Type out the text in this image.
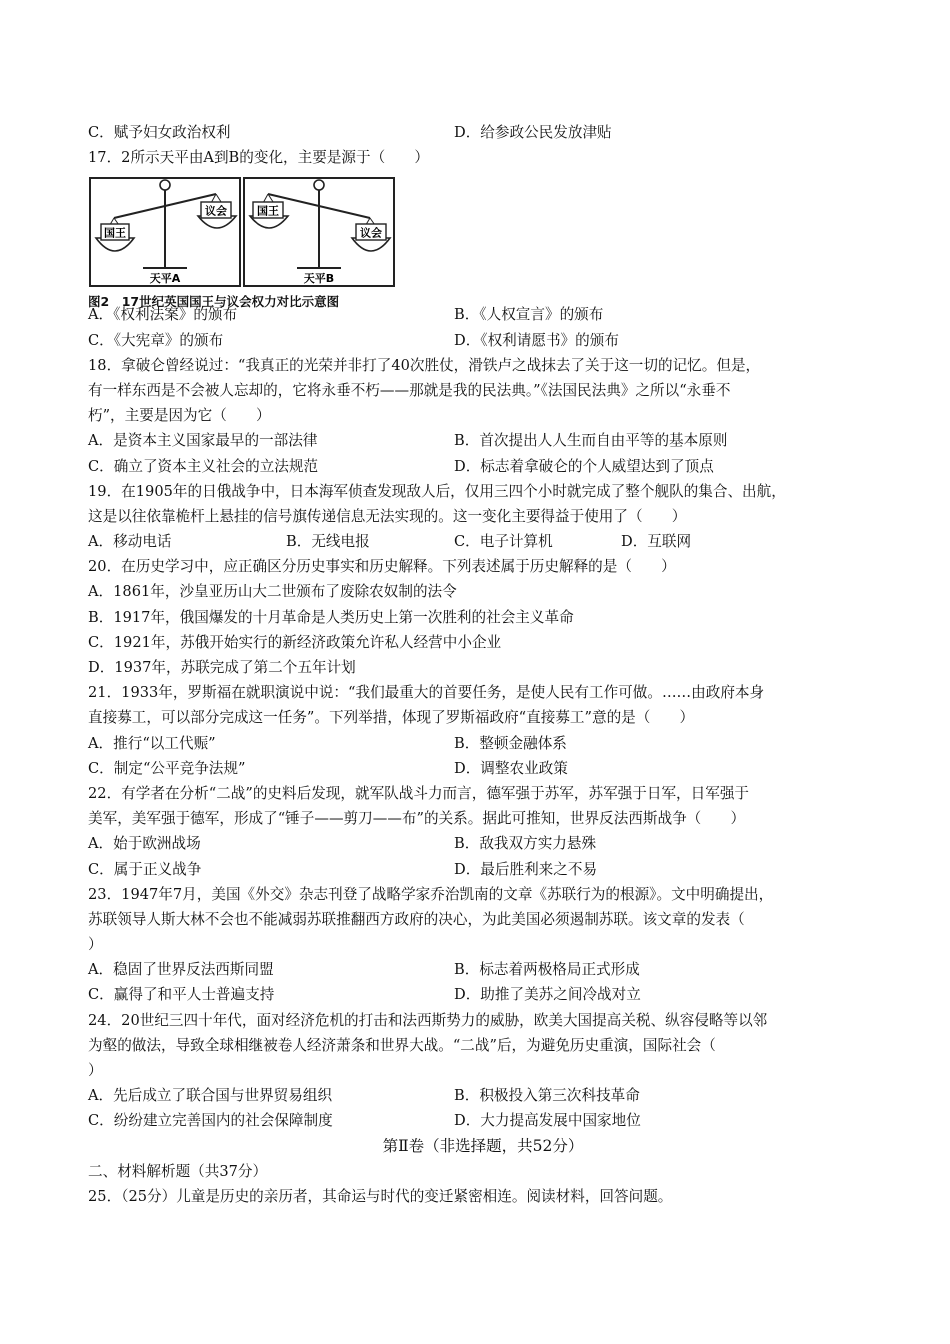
C．赋予妇女政治权利	D．给参政公民发放津贴
17．2所示天平由A到B的变化，主要是源于（　　）
国王
议会
天平A
国王
议会
天平B
图2　17世纪英国国王与议会权力对比示意图
A．《权利法案》的颁布	B．《人权宣言》的颁布
C．《大宪章》的颁布	D．《权利请愿书》的颁布
18．拿破仑曾经说过：“我真正的光荣并非打了40次胜仗，滑铁卢之战抹去了关于这一切的记忆。但是，
有一样东西是不会被人忘却的，它将永垂不朽——那就是我的民法典。”《法国民法典》之所以“永垂不
朽”，主要是因为它（　　）
A．是资本主义国家最早的一部法律	B．首次提出人人生而自由平等的基本原则
C．确立了资本主义社会的立法规范	D．标志着拿破仑的个人威望达到了顶点
19．在1905年的日俄战争中，日本海军侦查发现敌人后，仅用三四个小时就完成了整个舰队的集合、出航，
这是以往依靠桅杆上悬挂的信号旗传递信息无法实现的。这一变化主要得益于使用了（　　）
A．移动电话	B．无线电报	C．电子计算机	D．互联网
20．在历史学习中，应正确区分历史事实和历史解释。下列表述属于历史解释的是（　　）
A．1861年，沙皇亚历山大二世颁布了废除农奴制的法令
B．1917年，俄国爆发的十月革命是人类历史上第一次胜利的社会主义革命
C．1921年，苏俄开始实行的新经济政策允许私人经营中小企业
D．1937年，苏联完成了第二个五年计划
21．1933年，罗斯福在就职演说中说：“我们最重大的首要任务，是使人民有工作可做。……由政府本身
直接募工，可以部分完成这一任务”。下列举措，体现了罗斯福政府“直接募工”意的是（　　）
A．推行“以工代赈”	B．整顿金融体系
C．制定“公平竞争法规”	D．调整农业政策
22．有学者在分析“二战”的史料后发现，就军队战斗力而言，德军强于苏军，苏军强于日军，日军强于
美军，美军强于德军，形成了“锤子——剪刀——布”的关系。据此可推知，世界反法西斯战争（　　）
A．始于欧洲战场	B．敌我双方实力悬殊
C．属于正义战争	D．最后胜利来之不易
23．1947年7月，美国《外交》杂志刊登了战略学家乔治凯南的文章《苏联行为的根源》。文中明确提出，
苏联领导人斯大林不会也不能减弱苏联推翻西方政府的决心，为此美国必须遏制苏联。该文章的发表（
）
A．稳固了世界反法西斯同盟	B．标志着两极格局正式形成
C．赢得了和平人士普遍支持	D．助推了美苏之间冷战对立
24．20世纪三四十年代，面对经济危机的打击和法西斯势力的威胁，欧美大国提高关税、纵容侵略等以邻
为壑的做法，导致全球相继被卷人经济萧条和世界大战。“二战”后，为避免历史重演，国际社会（
）
A．先后成立了联合国与世界贸易组织	B．积极投入第三次科技革命
C．纷纷建立完善国内的社会保障制度	D．大力提高发展中国家地位
第Ⅱ卷（非选择题，共52分）
二、材料解析题（共37分）
25．（25分）儿童是历史的亲历者，其命运与时代的变迁紧密相连。阅读材料，回答问题。
